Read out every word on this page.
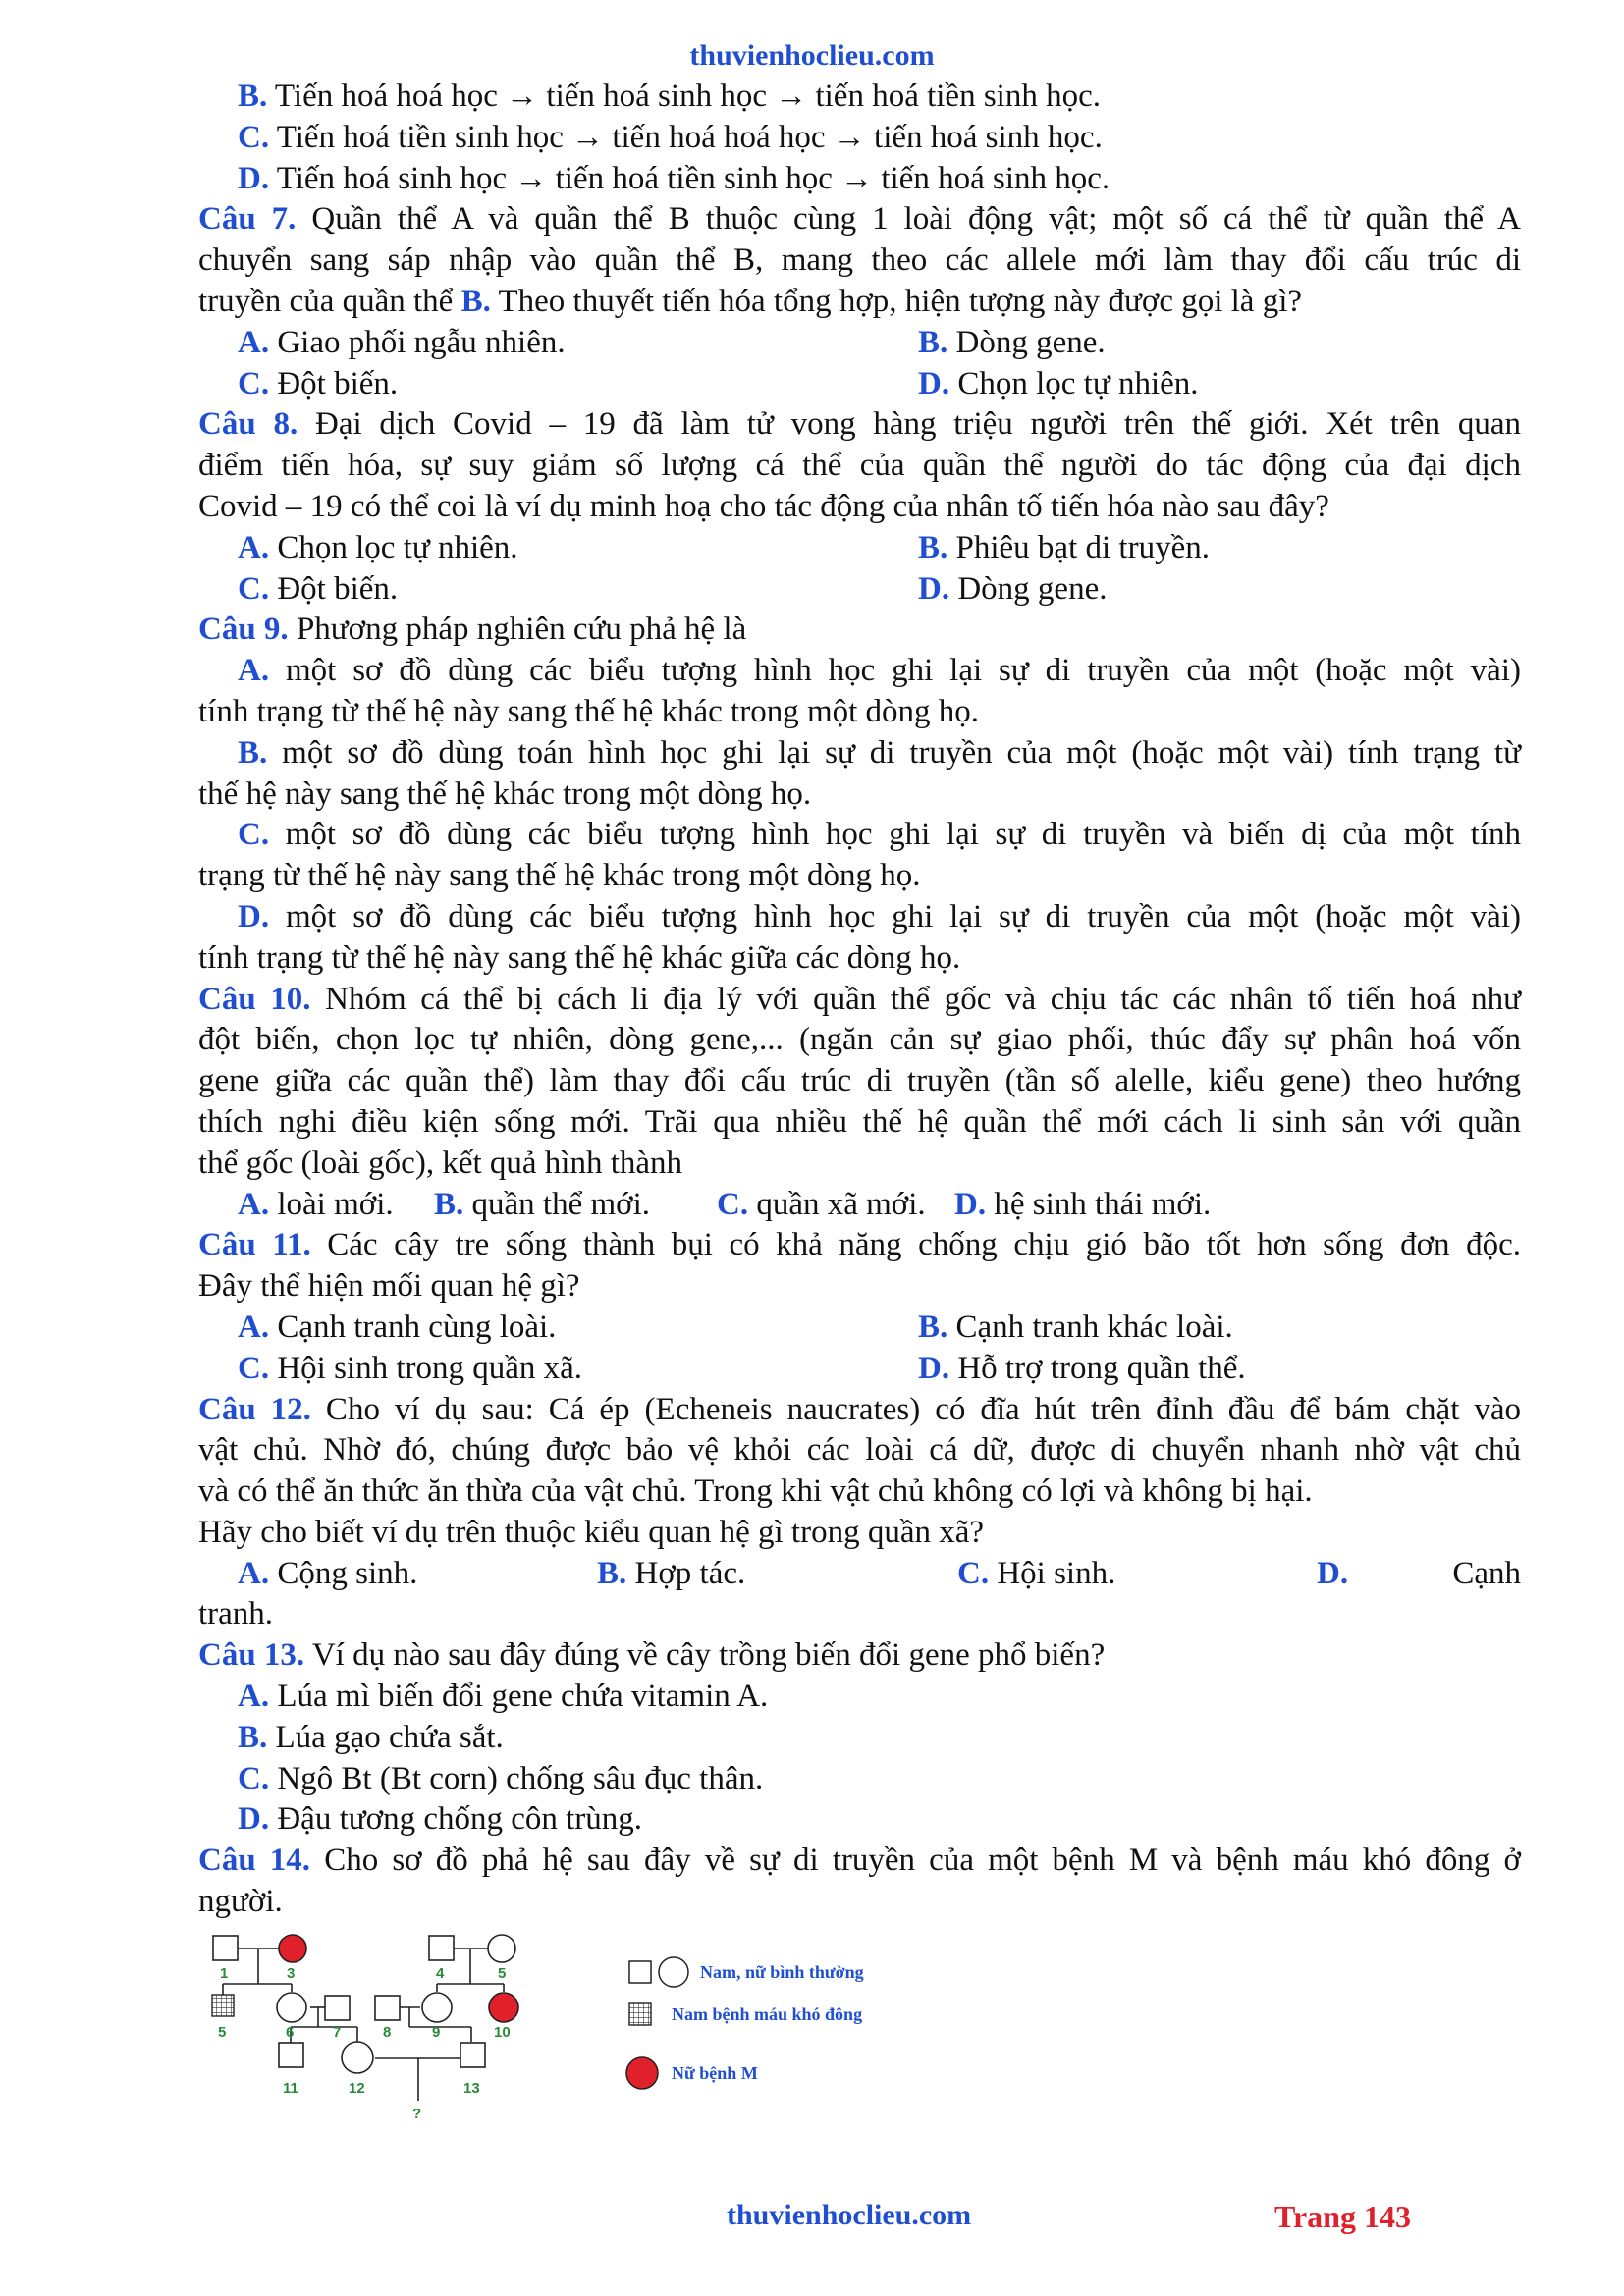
thuvienhoclieu.com
B. Tiến hoá hoá học → tiến hoá sinh học → tiến hoá tiền sinh học.
C. Tiến hoá tiền sinh học → tiến hoá hoá học → tiến hoá sinh học.
D. Tiến hoá sinh học → tiến hoá tiền sinh học → tiến hoá sinh học.
Câu 7. Quần thể A và quần thể B thuộc cùng 1 loài động vật; một số cá thể từ quần thể A
chuyển sang sáp nhập vào quần thể B, mang theo các allele mới làm thay đổi cấu trúc di
truyền của quần thể B. Theo thuyết tiến hóa tổng hợp, hiện tượng này được gọi là gì?
A. Giao phối ngẫu nhiên.	B. Dòng gene.
C. Đột biến.	D. Chọn lọc tự nhiên.
Câu 8. Đại dịch Covid – 19 đã làm tử vong hàng triệu người trên thế giới. Xét trên quan
điểm tiến hóa, sự suy giảm số lượng cá thể của quần thể người do tác động của đại dịch
Covid – 19 có thể coi là ví dụ minh hoạ cho tác động của nhân tố tiến hóa nào sau đây?
A. Chọn lọc tự nhiên.	B. Phiêu bạt di truyền.
C. Đột biến.	D. Dòng gene.
Câu 9. Phương pháp nghiên cứu phả hệ là
A. một sơ đồ dùng các biểu tượng hình học ghi lại sự di truyền của một (hoặc một vài)
tính trạng từ thế hệ này sang thế hệ khác trong một dòng họ.
B. một sơ đồ dùng toán hình học ghi lại sự di truyền của một (hoặc một vài) tính trạng từ
thế hệ này sang thế hệ khác trong một dòng họ.
C. một sơ đồ dùng các biểu tượng hình học ghi lại sự di truyền và biến dị của một tính
trạng từ thế hệ này sang thế hệ khác trong một dòng họ.
D. một sơ đồ dùng các biểu tượng hình học ghi lại sự di truyền của một (hoặc một vài)
tính trạng từ thế hệ này sang thế hệ khác giữa các dòng họ.
Câu 10. Nhóm cá thể bị cách li địa lý với quần thể gốc và chịu tác các nhân tố tiến hoá như
đột biến, chọn lọc tự nhiên, dòng gene,... (ngăn cản sự giao phối, thúc đẩy sự phân hoá vốn
gene giữa các quần thể) làm thay đổi cấu trúc di truyền (tần số alelle, kiểu gene) theo hướng
thích nghi điều kiện sống mới. Trãi qua nhiều thế hệ quần thể mới cách li sinh sản với quần
thể gốc (loài gốc), kết quả hình thành
A. loài mới.	B. quần thể mới.	C. quần xã mới. D. hệ sinh thái mới.
Câu 11. Các cây tre sống thành bụi có khả năng chống chịu gió bão tốt hơn sống đơn độc.
Đây thể hiện mối quan hệ gì?
A. Cạnh tranh cùng loài.	B. Cạnh tranh khác loài.
C. Hội sinh trong quần xã.	D. Hỗ trợ trong quần thể.
Câu 12. Cho ví dụ sau: Cá ép (Echeneis naucrates) có đĩa hút trên đỉnh đầu để bám chặt vào
vật chủ. Nhờ đó, chúng được bảo vệ khỏi các loài cá dữ, được di chuyển nhanh nhờ vật chủ
và có thể ăn thức ăn thừa của vật chủ. Trong khi vật chủ không có lợi và không bị hại.
Hãy cho biết ví dụ trên thuộc kiểu quan hệ gì trong quần xã?
A. Cộng sinh.	B. Hợp tác.	C. Hội sinh.	D.	Cạnh
tranh.
Câu 13. Ví dụ nào sau đây đúng về cây trồng biến đổi gene phổ biến?
A. Lúa mì biến đổi gene chứa vitamin A.
B. Lúa gạo chứa sắt.
C. Ngô Bt (Bt corn) chống sâu đục thân.
D. Đậu tương chống côn trùng.
Câu 14. Cho sơ đồ phả hệ sau đây về sự di truyền của một bệnh M và bệnh máu khó đông ở
người.
1	3	4	5
5	6	7	8	9	10
11	12	13
?
Nam, nữ bình thường
Nam bệnh máu khó đông
Nữ bệnh M
thuvienhoclieu.com	Trang 143
